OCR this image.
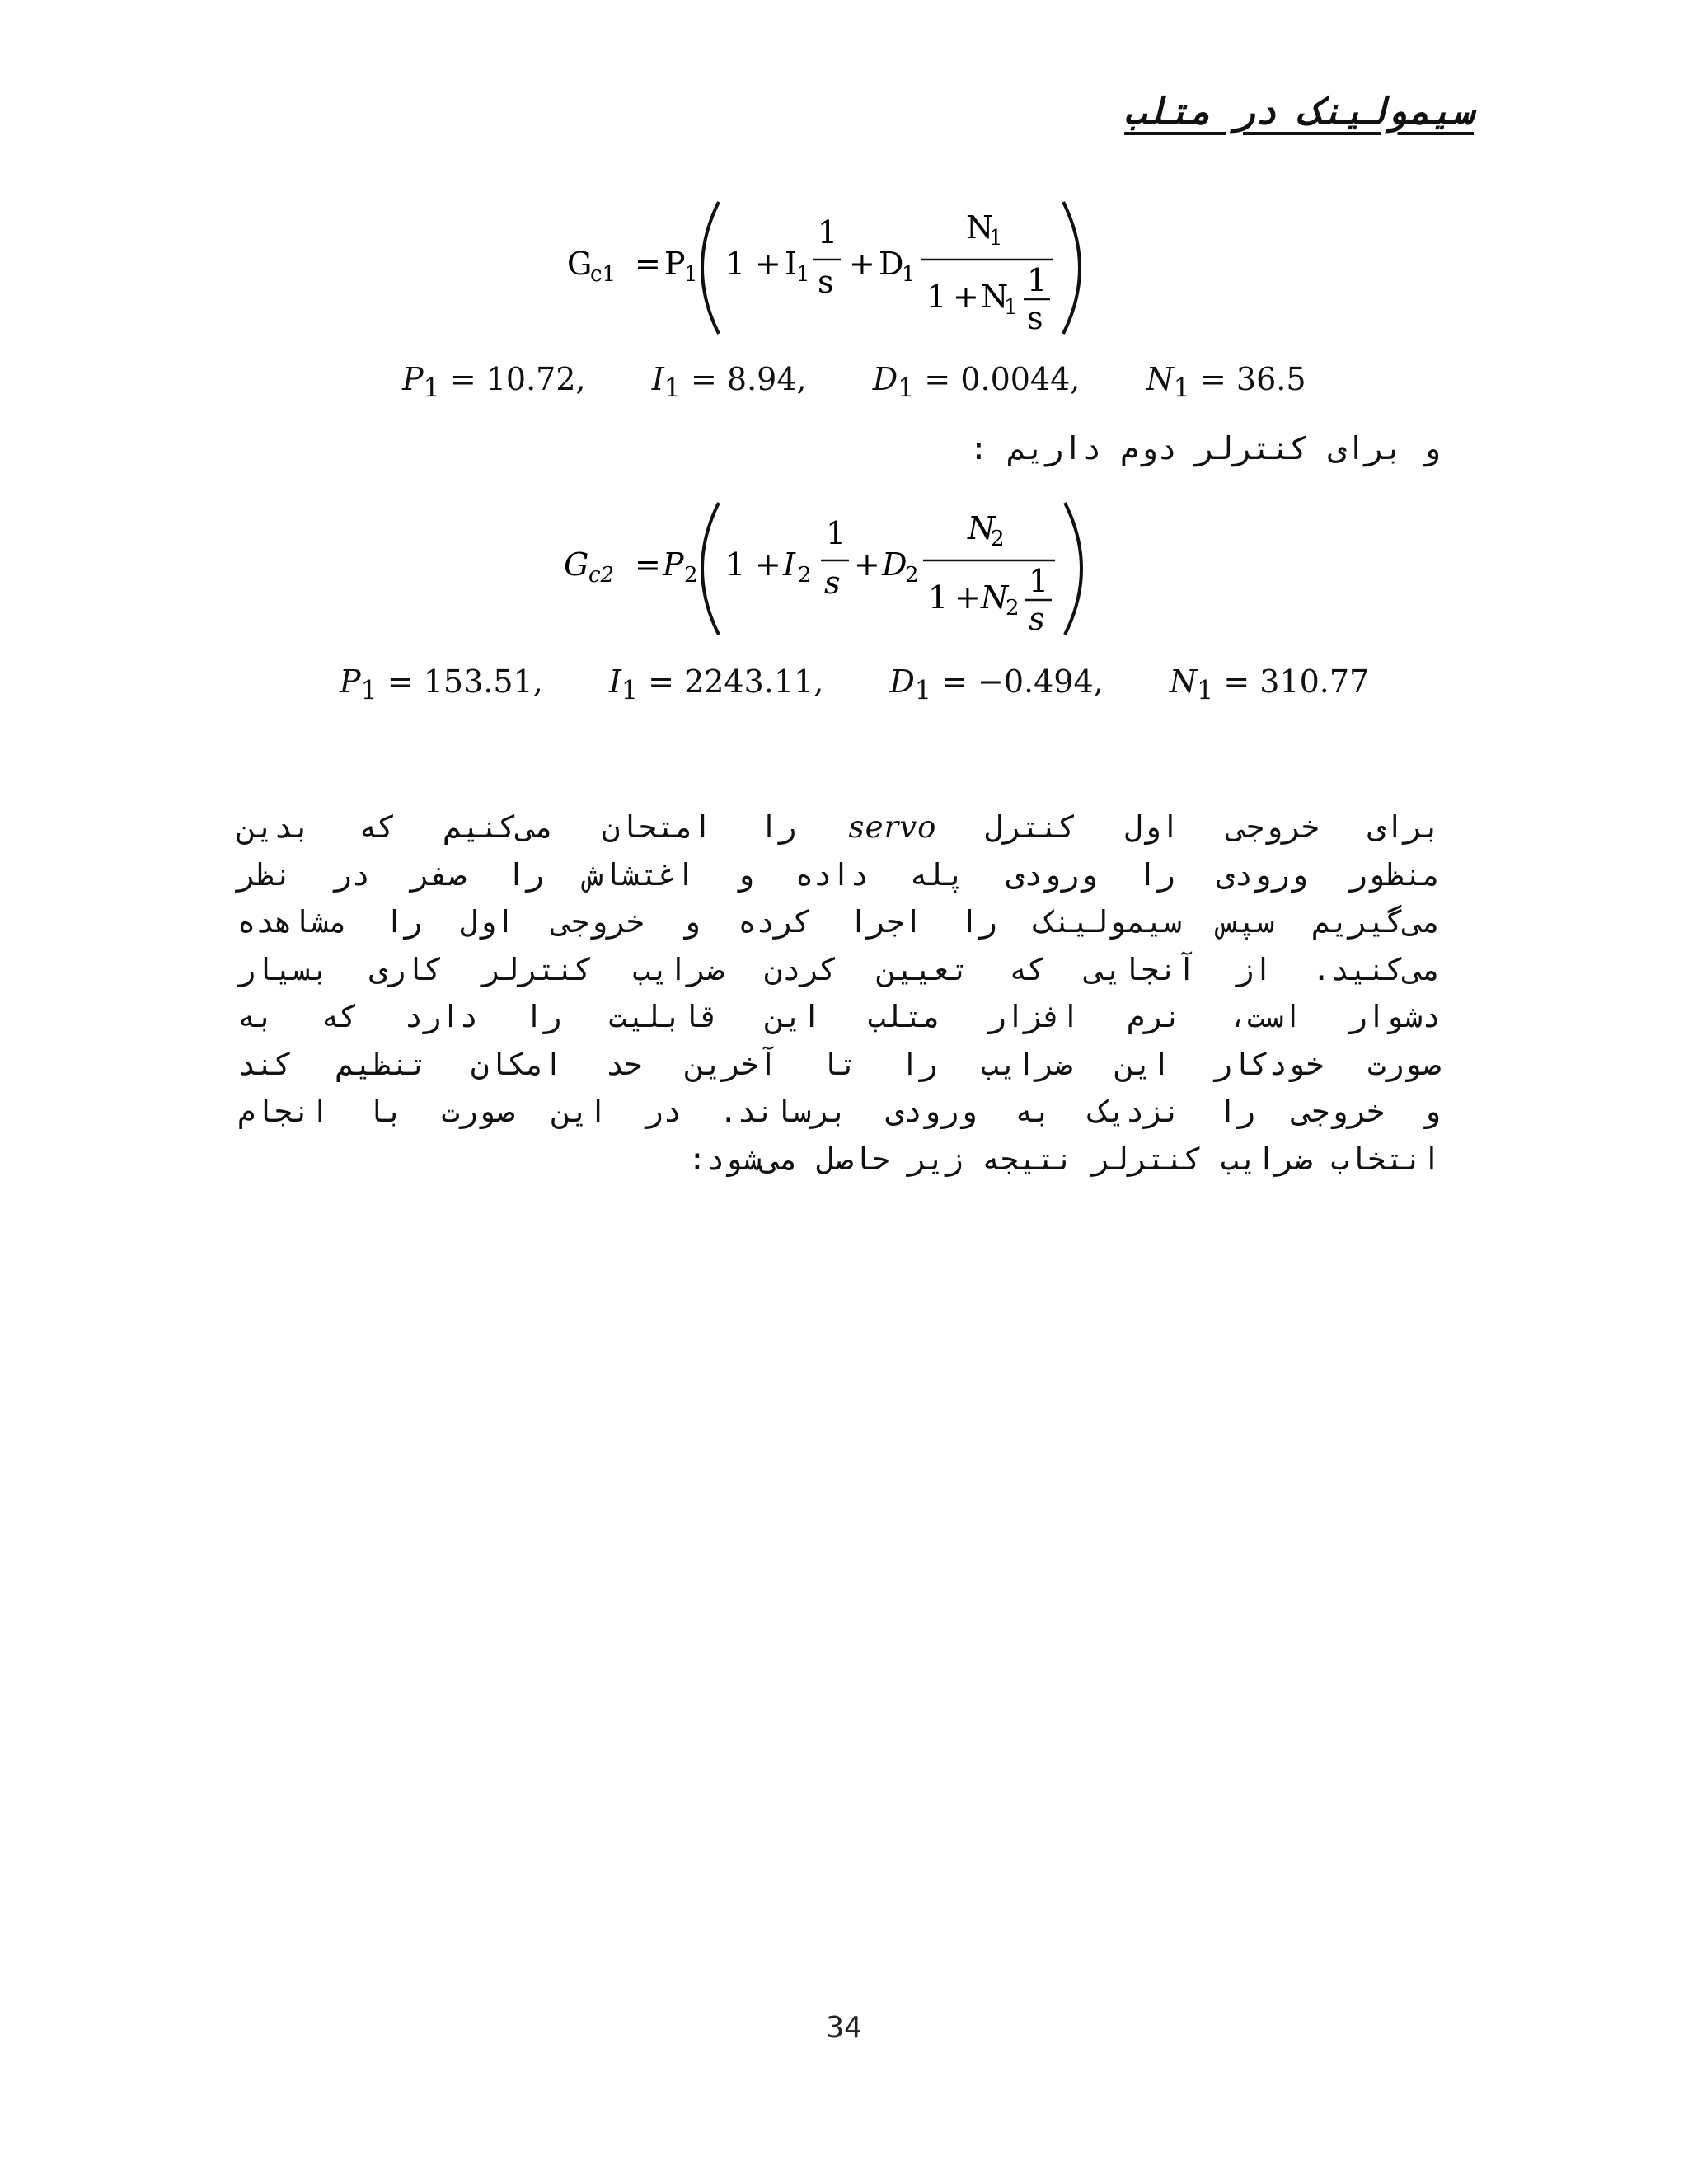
سیمولینک در متلب
G
c1 = P
1 1 + I
1
1
s + D
1
N
1
1 + N
1
1
s
$P_1 = 10.72$, $I_1 = 8.94$, $D_1 = 0.0044$, $N_1 = 36.5$
و برای کنترلر دوم داریم :
G c2 = P 2 1 + I 2
1
s + D
2
N
2
1 + N
2
1
s
$P_1 = 153.51$, $I_1 = 2243.11$, $D_1 = -0.494$, $N_1 = 310.77$
برای خروجی اول کنترل servo را امتحان می‌کنیم که بدین
منظور ورودی را ورودی پله داده و اغتشاش را صفر در نظر
می‌گیریم سپس سیمولینک را اجرا کرده و خروجی اول را مشاهده
می‌کنید. از آنجایی که تعیین کردن ضرایب کنترلر کاری بسیار
دشوار است، نرم افزار متلب این قابلیت را دارد که به
صورت خودکار این ضرایب را تا آخرین حد امکان تنظیم کند
و خروجی را نزدیک به ورودی برساند. در این صورت با انجام
انتخاب ضرایب کنترلر نتیجه زیر حاصل می‌شود:
34
